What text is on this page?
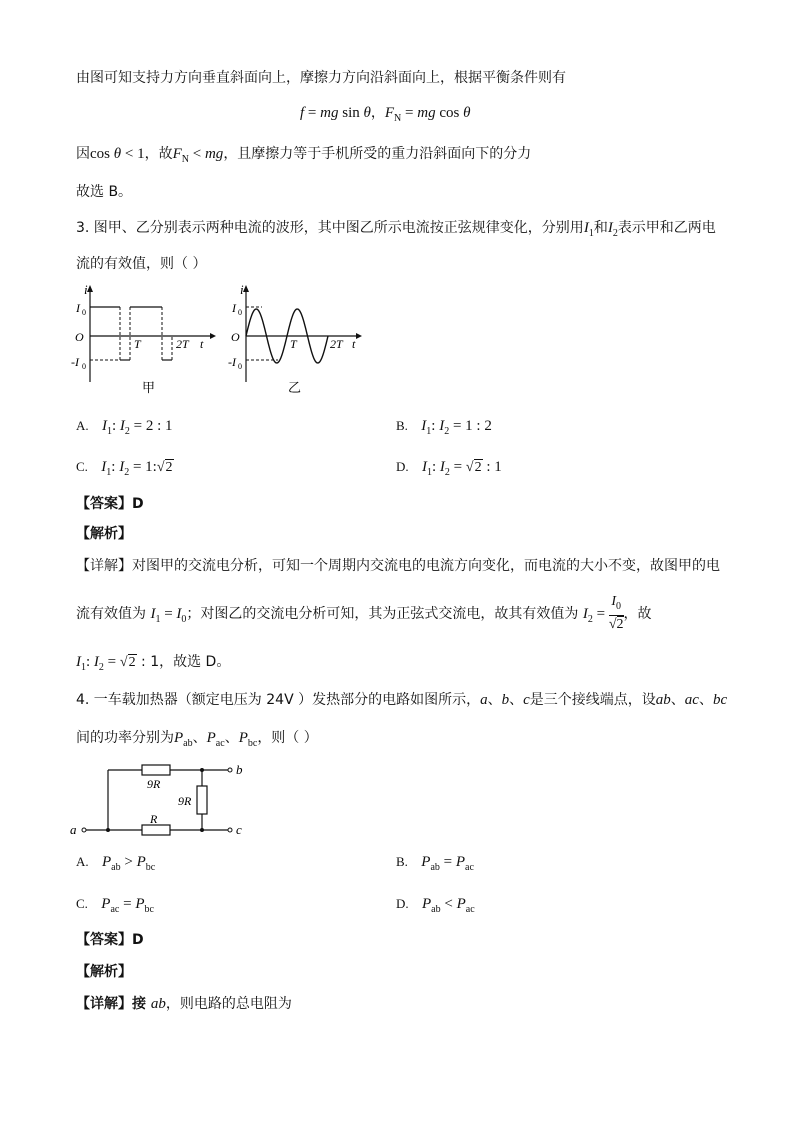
由图可知支持力方向垂直斜面向上，摩擦力方向沿斜面向上，根据平衡条件则有
f = mg sin θ，$F_N$ = mg cos θ
因cos θ < 1，故$F_N$ < mg，且摩擦力等于手机所受的重力沿斜面向下的分力
故选 B。
3. 图甲、乙分别表示两种电流的波形，其中图乙所示电流按正弦规律变化，分别用$I_1$和$I_2$表示甲和乙两电
流的有效值，则（ ）
i
I 0
O	T	2T t
-I 0
甲
i
I 0
O	T	2T t
-I 0
乙
A. $I_1$: $I_2 = 2$ : 1	B. $I_1$: $I_2 = 1$ : 2
C. $I_1$: $I_2$ = 1:√2	D. $I_1$: $I_2 = √2$ : 1
【答案】D
【解析】
【详解】对图甲的交流电分析，可知一个周期内交流电的电流方向变化，而电流的大小不变，故图甲的电
流有效值为 $I_1 = I_0$；对图乙的交流电分析可知，其为正弦式交流电，故其有效值为 $I_2 = \frac{I_0}{√2}$ ，故
$I_1$: $I_2 = √2$ : 1，故选 D。
4. 一车载加热器（额定电压为 24V ）发热部分的电路如图所示，a、b、c是三个接线端点，设ab、ac、bc
间的功率分别为$P_{ab}$、$P_{ac}$、$P_{bc}$，则（ ）
9R
9R
R
a
b
c
A. $P_{ab} > P_{bc}$	B. $P_{ab} = P_{ac}$
C. $P_{ac} = P_{bc}$	D. $P_{ab} < P_{ac}$
【答案】D
【解析】
【详解】接 ab，则电路的总电阻为
